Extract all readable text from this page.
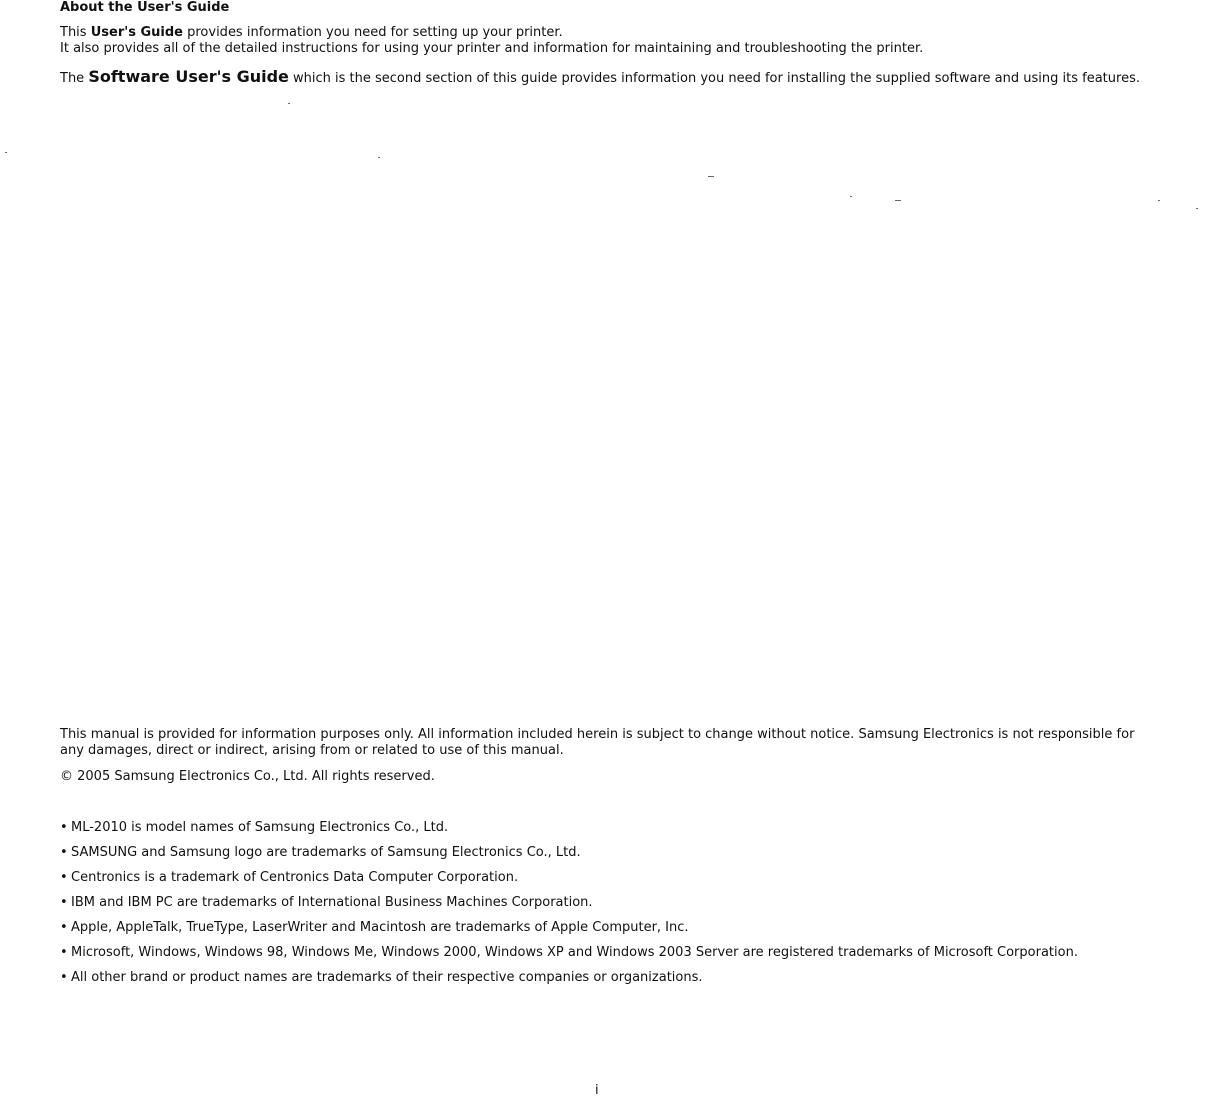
About the User's Guide
This User's Guide provides information you need for setting up your printer.
It also provides all of the detailed instructions for using your printer and information for maintaining and troubleshooting the printer.
The Software User's Guide which is the second section of this guide provides information you need for installing the supplied software and using its features.
This manual is provided for information purposes only. All information included herein is subject to change without notice. Samsung Electronics is not responsible for any damages, direct or indirect, arising from or related to use of this manual.
© 2005 Samsung Electronics Co., Ltd. All rights reserved.
• ML-2010 is model names of Samsung Electronics Co., Ltd.
• SAMSUNG and Samsung logo are trademarks of Samsung Electronics Co., Ltd.
• Centronics is a trademark of Centronics Data Computer Corporation.
• IBM and IBM PC are trademarks of International Business Machines Corporation.
• Apple, AppleTalk, TrueType, LaserWriter and Macintosh are trademarks of Apple Computer, Inc.
• Microsoft, Windows, Windows 98, Windows Me, Windows 2000, Windows XP and Windows 2003 Server are registered trademarks of Microsoft Corporation.
• All other brand or product names are trademarks of their respective companies or organizations.
i
